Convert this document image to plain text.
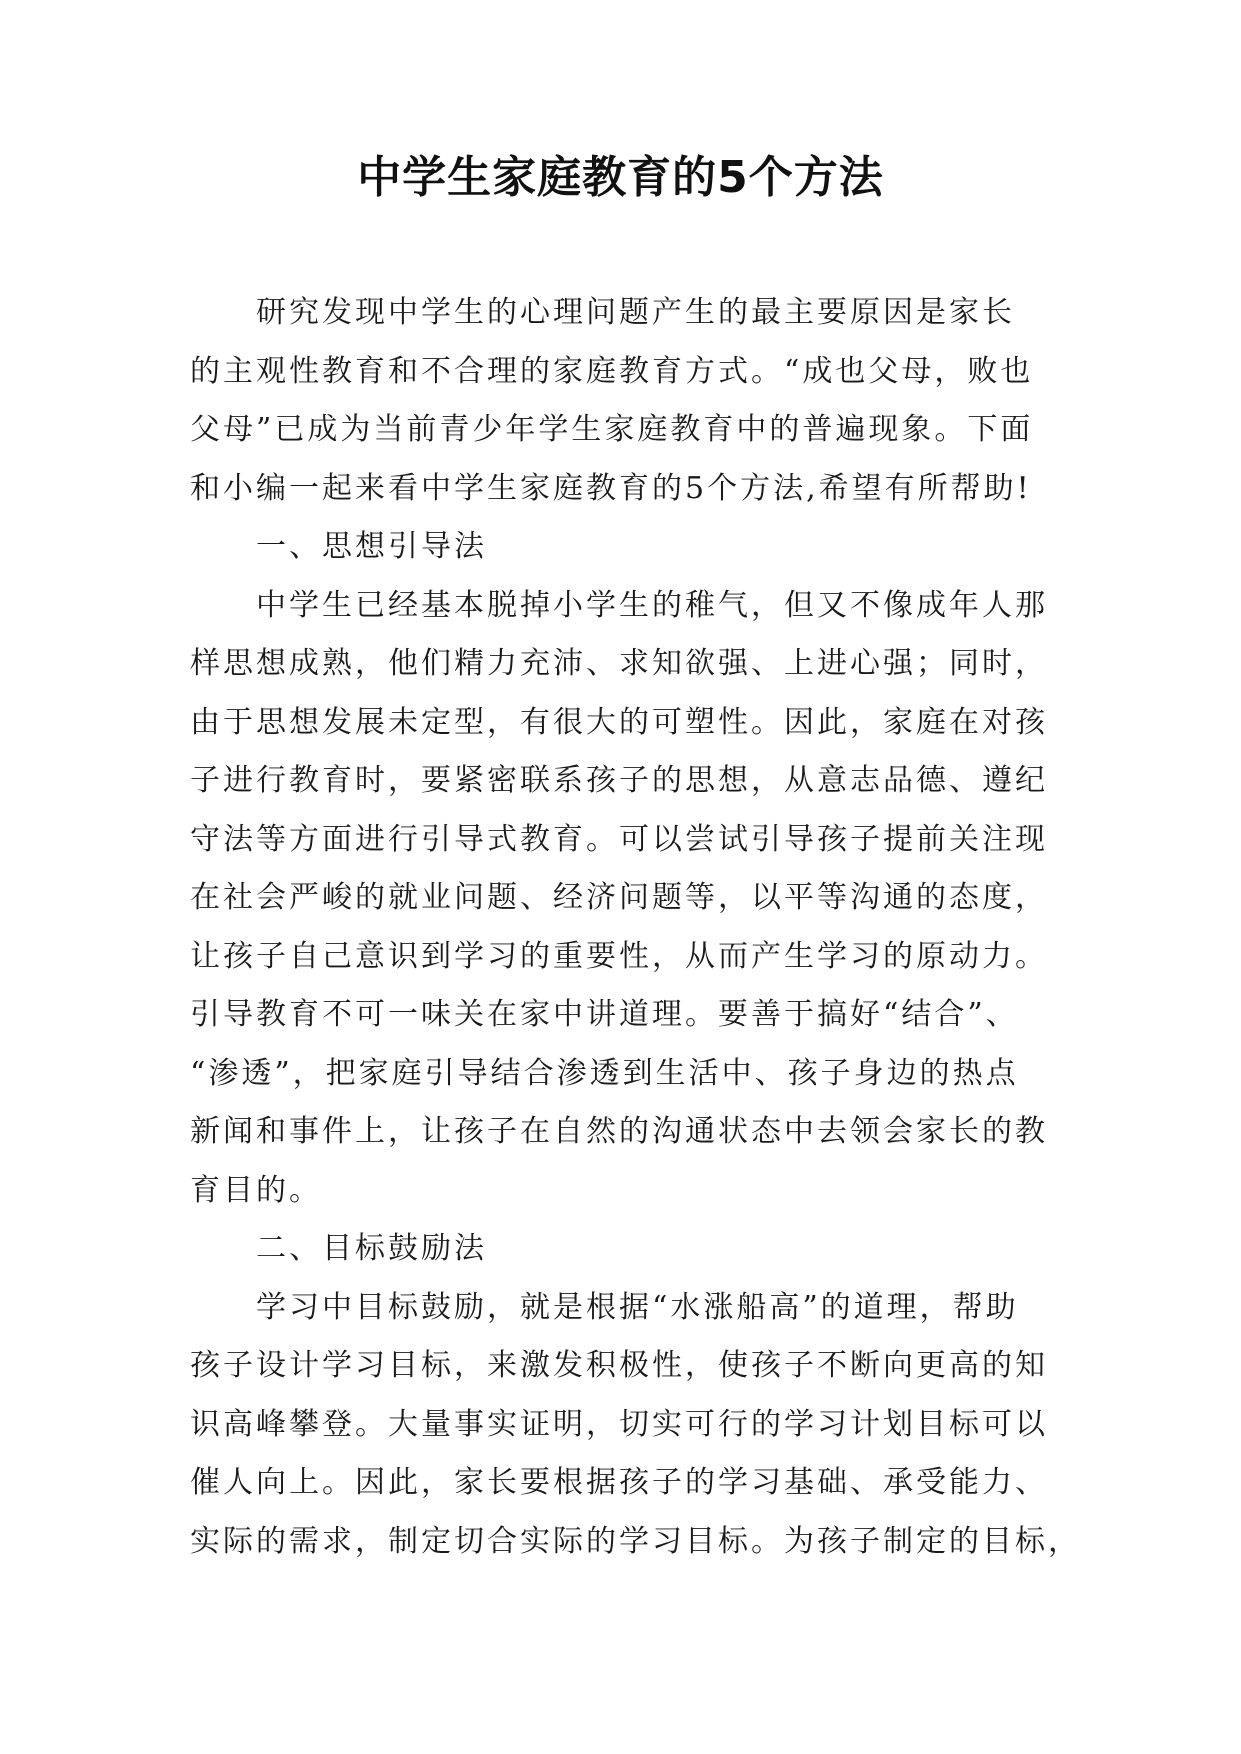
中学生家庭教育的5个方法
研究发现中学生的心理问题产生的最主要原因是家长
的主观性教育和不合理的家庭教育方式。“成也父母，败也
父母”已成为当前青少年学生家庭教育中的普遍现象。下面
和小编一起来看中学生家庭教育的5个方法,希望有所帮助!
一、思想引导法
中学生已经基本脱掉小学生的稚气，但又不像成年人那
样思想成熟，他们精力充沛、求知欲强、上进心强；同时，
由于思想发展未定型，有很大的可塑性。因此，家庭在对孩
子进行教育时，要紧密联系孩子的思想，从意志品德、遵纪
守法等方面进行引导式教育。可以尝试引导孩子提前关注现
在社会严峻的就业问题、经济问题等，以平等沟通的态度，
让孩子自己意识到学习的重要性，从而产生学习的原动力。
引导教育不可一味关在家中讲道理。要善于搞好“结合”、
“渗透”，把家庭引导结合渗透到生活中、孩子身边的热点
新闻和事件上，让孩子在自然的沟通状态中去领会家长的教
育目的。
二、目标鼓励法
学习中目标鼓励，就是根据“水涨船高”的道理，帮助
孩子设计学习目标，来激发积极性，使孩子不断向更高的知
识高峰攀登。大量事实证明，切实可行的学习计划目标可以
催人向上。因此，家长要根据孩子的学习基础、承受能力、
实际的需求，制定切合实际的学习目标。为孩子制定的目标，
